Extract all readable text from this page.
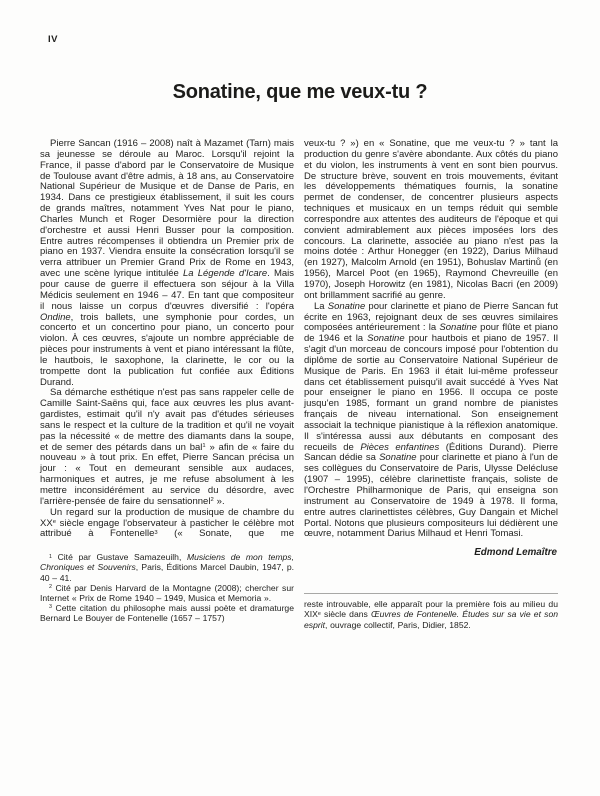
IV
Sonatine, que me veux-tu ?

Pierre Sancan (1916 – 2008) naît à Mazamet (Tarn) mais sa jeunesse se déroule au Maroc. Lorsqu'il rejoint la France, il passe d'abord par le Conservatoire de Musique de Toulouse avant d'être admis, à 18 ans, au Conservatoire National Supérieur de Musique et de Danse de Paris, en 1934. Dans ce prestigieux établissement, il suit les cours de grands maîtres, notamment Yves Nat pour le piano, Charles Munch et Roger Desormière pour la direction d'orchestre et aussi Henri Busser pour la composition. Entre autres récompenses il obtiendra un Premier prix de piano en 1937. Viendra ensuite la consécration lorsqu'il se verra attribuer un Premier Grand Prix de Rome en 1943, avec une scène lyrique intitulée La Légende d'Icare. Mais pour cause de guerre il effectuera son séjour à la Villa Médicis seulement en 1946 – 47. En tant que compositeur il nous laisse un corpus d'œuvres diversifié : l'opéra Ondine, trois ballets, une symphonie pour cordes, un concerto et un concertino pour piano, un concerto pour violon. À ces œuvres, s'ajoute un nombre appréciable de pièces pour instruments à vent et piano intéressant la flûte, le hautbois, le saxophone, la clarinette, le cor ou la trompette dont la publication fut confiée aux Éditions Durand.

Sa démarche esthétique n'est pas sans rappeler celle de Camille Saint-Saëns qui, face aux œuvres les plus avant-gardistes, estimait qu'il n'y avait pas d'études sérieuses sans le respect et la culture de la tradition et qu'il ne voyait pas la nécessité « de mettre des diamants dans la soupe, et de semer des pétards dans un bal$^1$ » afin de « faire du nouveau » à tout prix. En effet, Pierre Sancan précisa un jour : « Tout en demeurant sensible aux audaces, harmoniques et autres, je me refuse absolument à les mettre inconsidérément au service du désordre, avec l'arrière-pensée de faire du sensationnel$^2$ ».

Un regard sur la production de musique de chambre du XXe siècle engage l'observateur à pasticher le célèbre mot attribué à Fontenelle$^3$ (« Sonate, que me

$^1$ Cité par Gustave Samazeuilh, Musiciens de mon temps, Chroniques et Souvenirs, Paris, Éditions Marcel Daubin, 1947, p. 40 – 41.

$^2$ Cité par Denis Harvard de la Montagne (2008); chercher sur Internet « Prix de Rome 1940 – 1949, Musica et Memoria ».

$^3$ Cette citation du philosophe mais aussi poète et dramaturge Bernard Le Bouyer de Fontenelle (1657 – 1757)

veux-tu ? ») en « Sonatine, que me veux-tu ? » tant la production du genre s'avère abondante. Aux côtés du piano et du violon, les instruments à vent en sont bien pourvus. De structure brève, souvent en trois mouvements, évitant les développements thématiques fournis, la sonatine permet de condenser, de concentrer plusieurs aspects techniques et musicaux en un temps réduit qui semble correspondre aux attentes des auditeurs de l'époque et qui convient admirablement aux pièces imposées lors des concours. La clarinette, associée au piano n'est pas la moins dotée : Arthur Honegger (en 1922), Darius Milhaud (en 1927), Malcolm Arnold (en 1951), Bohuslav Martinů (en 1956), Marcel Poot (en 1965), Raymond Chevreuille (en 1970), Joseph Horowitz (en 1981), Nicolas Bacri (en 2009) ont brillamment sacrifié au genre.

La Sonatine pour clarinette et piano de Pierre Sancan fut écrite en 1963, rejoignant deux de ses œuvres similaires composées antérieurement : la Sonatine pour flûte et piano de 1946 et la Sonatine pour hautbois et piano de 1957. Il s'agit d'un morceau de concours imposé pour l'obtention du diplôme de sortie au Conservatoire National Supérieur de Musique de Paris. En 1963 il était lui-même professeur dans cet établissement puisqu'il avait succédé à Yves Nat pour enseigner le piano en 1956. Il occupa ce poste jusqu'en 1985, formant un grand nombre de pianistes français de niveau international. Son enseignement associait la technique pianistique à la réflexion anatomique. Il s'intéressa aussi aux débutants en composant des recueils de Pièces enfantines (Éditions Durand). Pierre Sancan dédie sa Sonatine pour clarinette et piano à l'un de ses collègues du Conservatoire de Paris, Ulysse Delécluse (1907 – 1995), célèbre clarinettiste français, soliste de l'Orchestre Philharmonique de Paris, qui enseigna son instrument au Conservatoire de 1949 à 1978. Il forma, entre autres clarinettistes célèbres, Guy Dangain et Michel Portal. Notons que plusieurs compositeurs lui dédièrent une œuvre, notamment Darius Milhaud et Henri Tomasi.

Edmond Lemaître

reste introuvable, elle apparaît pour la première fois au milieu du XIXe siècle dans Œuvres de Fontenelle. Études sur sa vie et son esprit, ouvrage collectif, Paris, Didier, 1852.
